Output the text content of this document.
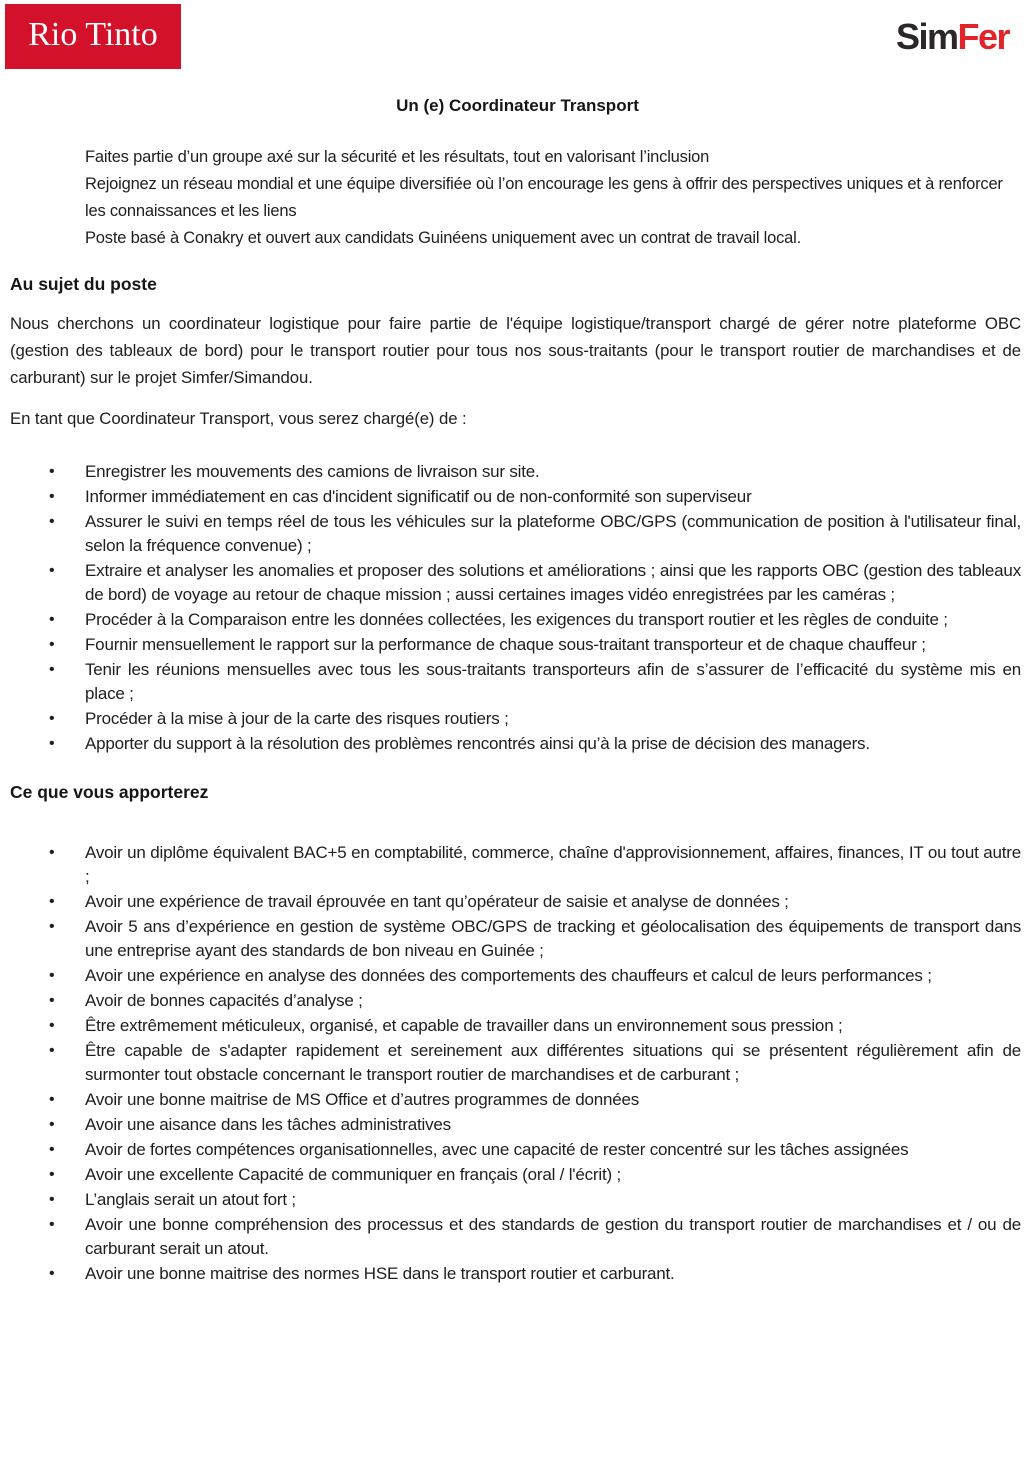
Rio Tinto	SimFer
Un (e) Coordinateur Transport
Faites partie d’un groupe axé sur la sécurité et les résultats, tout en valorisant l’inclusion
Rejoignez un réseau mondial et une équipe diversifiée où l’on encourage les gens à offrir des perspectives uniques et à renforcer les connaissances et les liens
Poste basé à Conakry et ouvert aux candidats Guinéens uniquement avec un contrat de travail local.
Au sujet du poste

Nous cherchons un coordinateur logistique pour faire partie de l'équipe logistique/transport chargé de gérer notre plateforme OBC (gestion des tableaux de bord) pour le transport routier pour tous nos sous-traitants (pour le transport routier de marchandises et de carburant) sur le projet Simfer/Simandou.

En tant que Coordinateur Transport, vous serez chargé(e) de :

• Enregistrer les mouvements des camions de livraison sur site.
• Informer immédiatement en cas d'incident significatif ou de non-conformité son superviseur
• Assurer le suivi en temps réel de tous les véhicules sur la plateforme OBC/GPS (communication de position à l'utilisateur final, selon la fréquence convenue) ;
• Extraire et analyser les anomalies et proposer des solutions et améliorations ; ainsi que les rapports OBC (gestion des tableaux de bord) de voyage au retour de chaque mission ; aussi certaines images vidéo enregistrées par les caméras ;
• Procéder à la Comparaison entre les données collectées, les exigences du transport routier et les règles de conduite ;
• Fournir mensuellement le rapport sur la performance de chaque sous-traitant transporteur et de chaque chauffeur ;
• Tenir les réunions mensuelles avec tous les sous-traitants transporteurs afin de s’assurer de l’efficacité du système mis en place ;
• Procéder à la mise à jour de la carte des risques routiers ;
• Apporter du support à la résolution des problèmes rencontrés ainsi qu’à la prise de décision des managers.
Ce que vous apporterez
• Avoir un diplôme équivalent BAC+5 en comptabilité, commerce, chaîne d'approvisionnement, affaires, finances, IT ou tout autre ;
• Avoir une expérience de travail éprouvée en tant qu’opérateur de saisie et analyse de données ;
• Avoir 5 ans d’expérience en gestion de système OBC/GPS de tracking et géolocalisation des équipements de transport dans une entreprise ayant des standards de bon niveau en Guinée ;
• Avoir une expérience en analyse des données des comportements des chauffeurs et calcul de leurs performances ;
• Avoir de bonnes capacités d’analyse ;
• Être extrêmement méticuleux, organisé, et capable de travailler dans un environnement sous pression ;
• Être capable de s'adapter rapidement et sereinement aux différentes situations qui se présentent régulièrement afin de surmonter tout obstacle concernant le transport routier de marchandises et de carburant ;
• Avoir une bonne maitrise de MS Office et d’autres programmes de données
• Avoir une aisance dans les tâches administratives
• Avoir de fortes compétences organisationnelles, avec une capacité de rester concentré sur les tâches assignées
• Avoir une excellente Capacité de communiquer en français (oral / l'écrit) ;
• L’anglais serait un atout fort ;
• Avoir une bonne compréhension des processus et des standards de gestion du transport routier de marchandises et / ou de carburant serait un atout.
• Avoir une bonne maitrise des normes HSE dans le transport routier et carburant.
